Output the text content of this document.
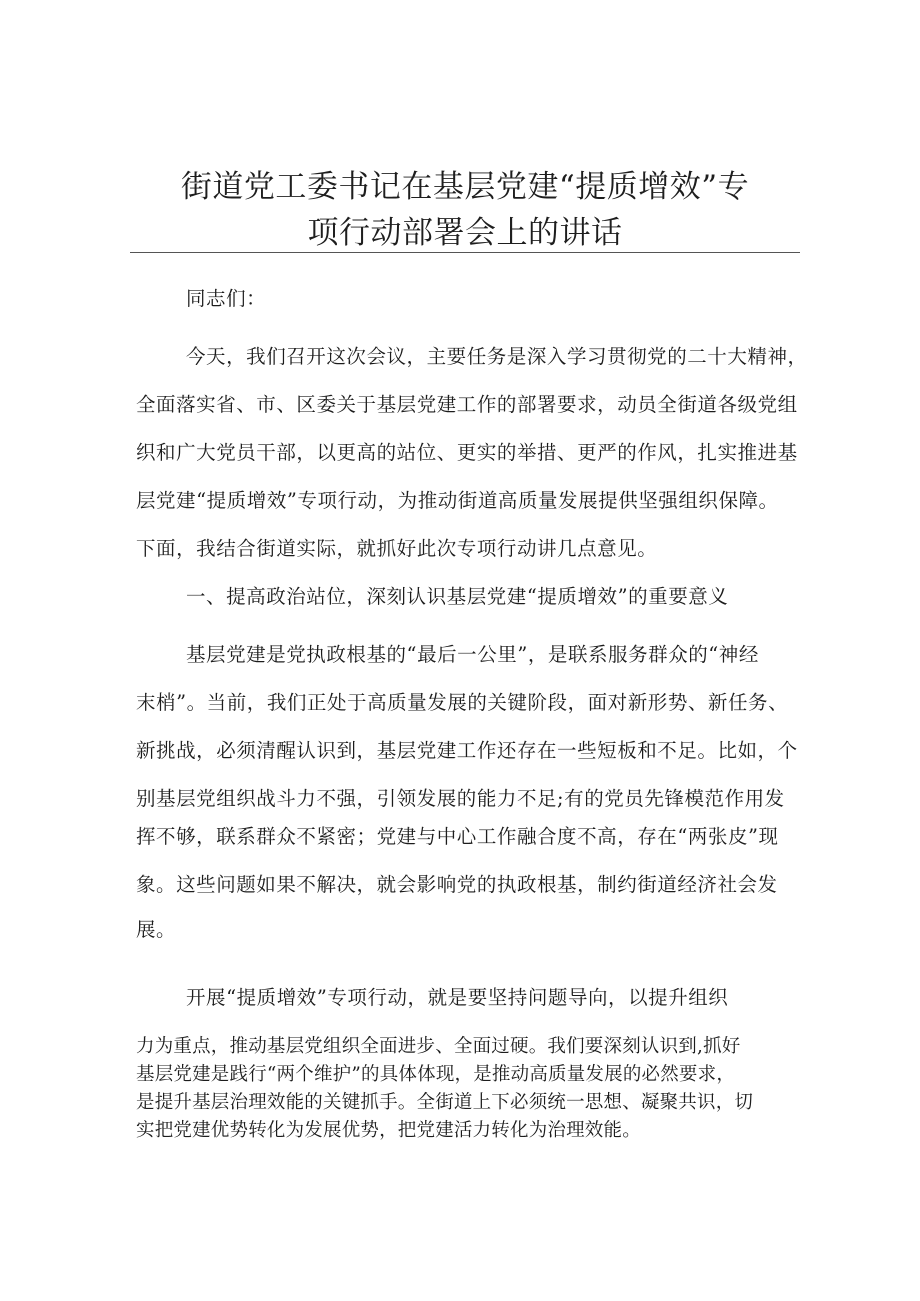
街道党工委书记在基层党建“提质增效”专
项行动部署会上的讲话
同志们：
今天，我们召开这次会议，主要任务是深入学习贯彻党的二十大精神，
全面落实省、市、区委关于基层党建工作的部署要求，动员全街道各级党组
织和广大党员干部，以更高的站位、更实的举措、更严的作风，扎实推进基
层党建“提质增效”专项行动，为推动街道高质量发展提供坚强组织保障。
下面，我结合街道实际，就抓好此次专项行动讲几点意见。
一、提高政治站位，深刻认识基层党建“提质增效”的重要意义
基层党建是党执政根基的“最后一公里”，是联系服务群众的“神经
末梢”。当前，我们正处于高质量发展的关键阶段，面对新形势、新任务、
新挑战，必须清醒认识到，基层党建工作还存在一些短板和不足。比如，个
别基层党组织战斗力不强，引领发展的能力不足;有的党员先锋模范作用发
挥不够，联系群众不紧密；党建与中心工作融合度不高，存在“两张皮”现
象。这些问题如果不解决，就会影响党的执政根基，制约街道经济社会发
展。
开展“提质增效”专项行动，就是要坚持问题导向，以提升组织
力为重点，推动基层党组织全面进步、全面过硬。我们要深刻认识到,抓好
基层党建是践行“两个维护”的具体体现，是推动高质量发展的必然要求，
是提升基层治理效能的关键抓手。全街道上下必须统一思想、凝聚共识，切
实把党建优势转化为发展优势，把党建活力转化为治理效能。
